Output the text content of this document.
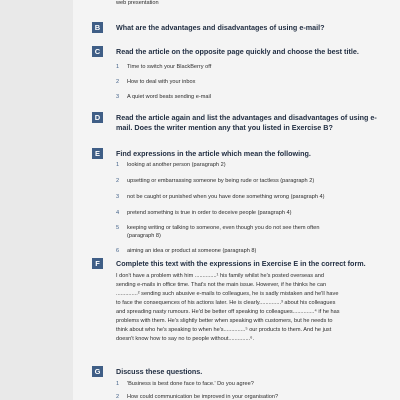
web presentation
B	What are the advantages and disadvantages of using e-mail?

C	Read the article on the opposite page quickly and choose the best title.

1	Time to switch your BlackBerry off
2	How to deal with your inbox
3	A quiet word beats sending e-mail
D	Read the article again and list the advantages and disadvantages of using e-mail. Does the writer mention any that you listed in Exercise B?

E	Find expressions in the article which mean the following.

1	looking at another person (paragraph 2)
2	upsetting or embarrassing someone by being rude or tactless (paragraph 2)
3	not be caught or punished when you have done something wrong (paragraph 4)
4	pretend something is true in order to deceive people (paragraph 4)
5	keeping writing or talking to someone, even though you do not see them often (paragraph 8)
6	aiming an idea or product at someone (paragraph 8)
F	Complete this text with the expressions in Exercise E in the correct form.

I don't have a problem with him ..............¹ his family whilst he's posted overseas and
sending e-mails in office time. That's not the main issue. However, if he thinks he can
..............² sending such abusive e-mails to colleagues, he is sadly mistaken and he'll have
to face the consequences of his actions later. He is clearly..............³ about his colleagues
and spreading nasty rumours. He'd be better off speaking to colleagues..............⁴ if he has
problems with them. He's slightly better when speaking with customers, but he needs to
think about who he's speaking to when he's..............⁵ our products to them. And he just
doesn't know how to say no to people without..............⁶.
G	Discuss these questions.

1	'Business is best done face to face.' Do you agree?
2	How could communication be improved in your organisation?
